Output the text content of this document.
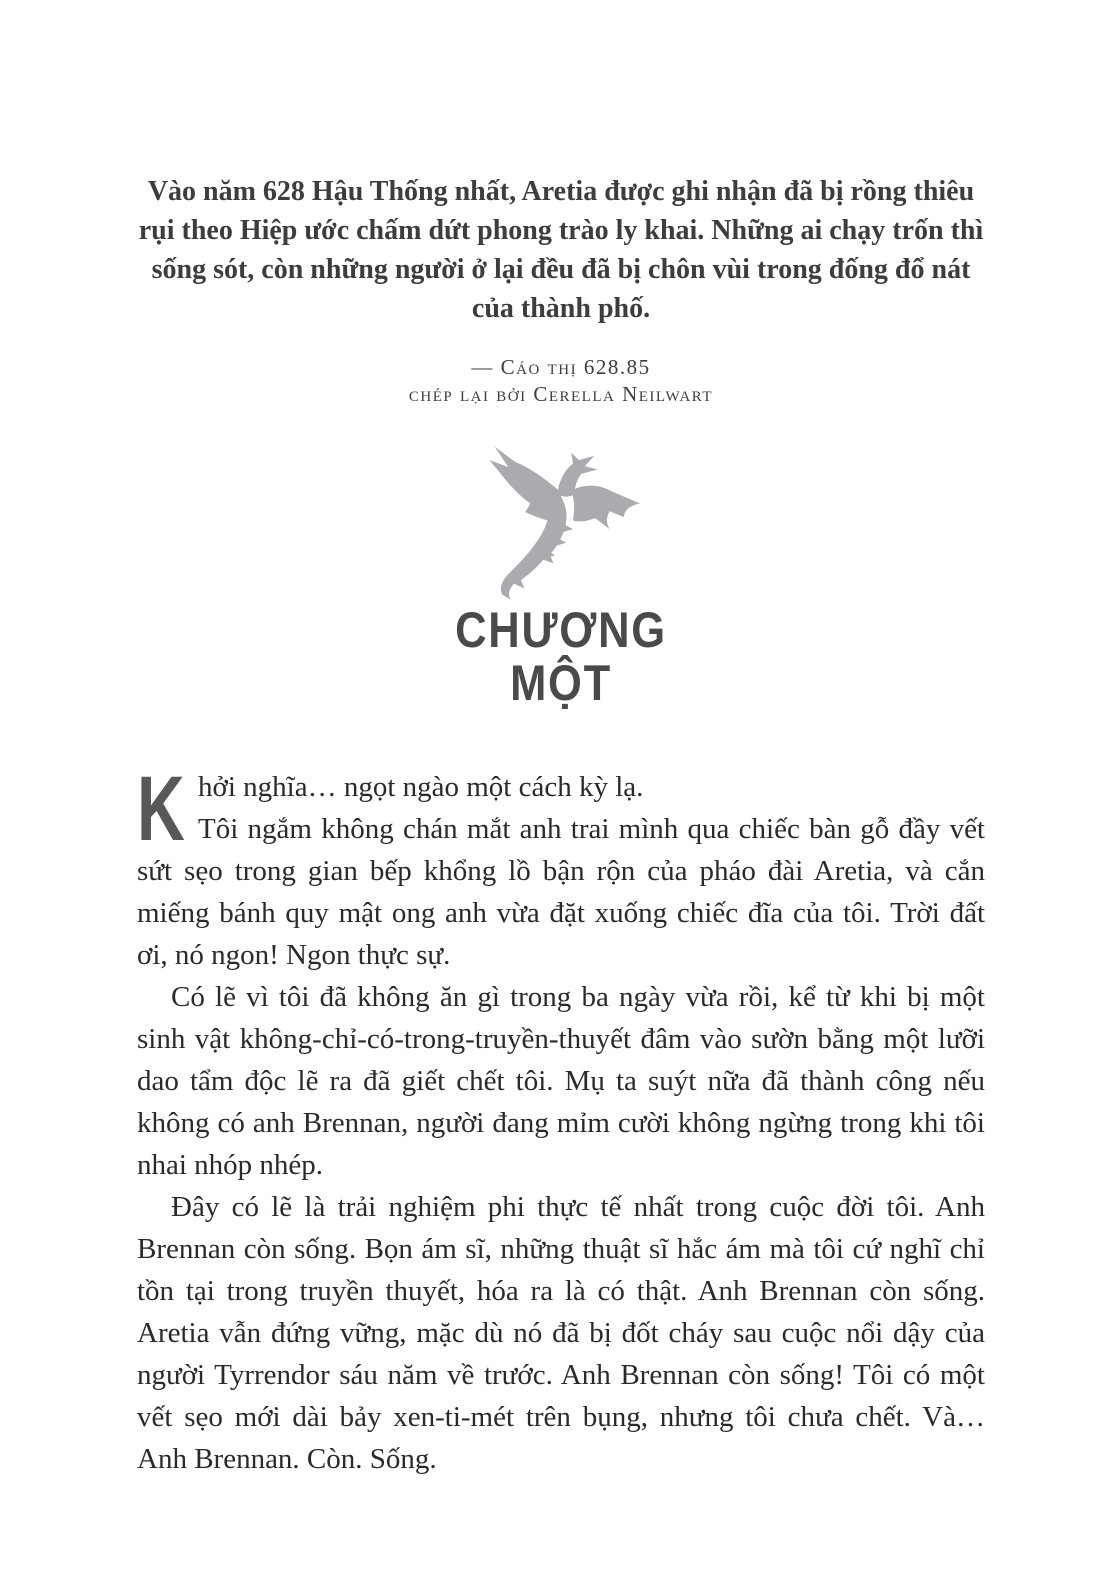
Vào năm 628 Hậu Thống nhất, Aretia được ghi nhận đã bị rồng thiêu rụi theo Hiệp ước chấm dứt phong trào ly khai. Những ai chạy trốn thì sống sót, còn những người ở lại đều đã bị chôn vùi trong đống đổ nát của thành phố.
— Cáo thị 628.85
chép lại bởi Cerella Neilwart
CHƯƠNG
MỘT
K hởi nghĩa… ngọt ngào một cách kỳ lạ.

Tôi ngắm không chán mắt anh trai mình qua chiếc bàn gỗ đầy vết sứt sẹo trong gian bếp khổng lồ bận rộn của pháo đài Aretia, và cắn miếng bánh quy mật ong anh vừa đặt xuống chiếc đĩa của tôi. Trời đất ơi, nó ngon! Ngon thực sự.

Có lẽ vì tôi đã không ăn gì trong ba ngày vừa rồi, kể từ khi bị một sinh vật không-chỉ-có-trong-truyền-thuyết đâm vào sườn bằng một lưỡi dao tẩm độc lẽ ra đã giết chết tôi. Mụ ta suýt nữa đã thành công nếu không có anh Brennan, người đang mỉm cười không ngừng trong khi tôi nhai nhóp nhép.

Đây có lẽ là trải nghiệm phi thực tế nhất trong cuộc đời tôi. Anh Brennan còn sống. Bọn ám sĩ, những thuật sĩ hắc ám mà tôi cứ nghĩ chỉ tồn tại trong truyền thuyết, hóa ra là có thật. Anh Brennan còn sống. Aretia vẫn đứng vững, mặc dù nó đã bị đốt cháy sau cuộc nổi dậy của người Tyrrendor sáu năm về trước. Anh Brennan còn sống! Tôi có một vết sẹo mới dài bảy xen-ti-mét trên bụng, nhưng tôi chưa chết. Và… Anh Brennan. Còn. Sống.
